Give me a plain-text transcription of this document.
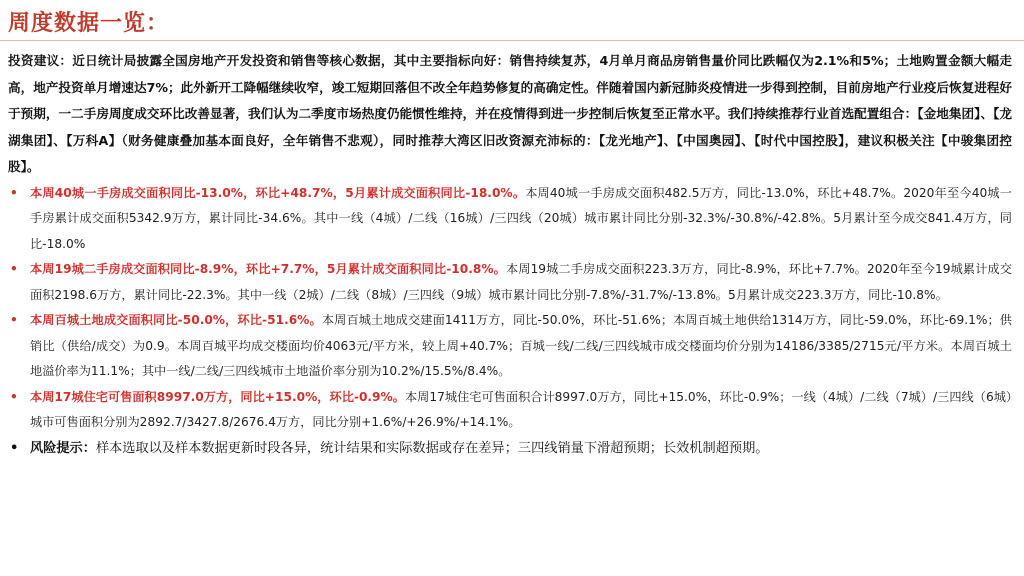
周度数据一览：

投资建议：近日统计局披露全国房地产开发投资和销售等核心数据，其中主要指标向好：销售持续复苏，4月单月商品房销售量价同比跌幅仅为2.1%和5%；土地购置金额大幅走高，地产投资单月增速达7%；此外新开工降幅继续收窄，竣工短期回落但不改全年趋势修复的高确定性。伴随着国内新冠肺炎疫情进一步得到控制，目前房地产行业疫后恢复进程好于预期，一二手房周度成交环比改善显著，我们认为二季度市场热度仍能惯性维持，并在疫情得到进一步控制后恢复至正常水平。我们持续推荐行业首选配置组合：【金地集团】、【龙湖集团】、【万科A】（财务健康叠加基本面良好，全年销售不悲观），同时推荐大湾区旧改资源充沛标的：【龙光地产】、【中国奥园】、【时代中国控股】，建议积极关注【中骏集团控股】。

• 本周40城一手房成交面积同比-13.0%，环比+48.7%，5月累计成交面积同比-18.0%。本周40城一手房成交面积482.5万方，同比-13.0%，环比+48.7%。2020年至今40城一手房累计成交面积5342.9万方，累计同比-34.6%。其中一线（4城）/二线（16城）/三四线（20城）城市累计同比分别-32.3%/-30.8%/-42.8%。5月累计至今成交841.4万方，同比-18.0%

• 本周19城二手房成交面积同比-8.9%，环比+7.7%，5月累计成交面积同比-10.8%。本周19城二手房成交面积223.3万方，同比-8.9%，环比+7.7%。2020年至今19城累计成交面积2198.6万方，累计同比-22.3%。其中一线（2城）/二线（8城）/三四线（9城）城市累计同比分别-7.8%/-31.7%/-13.8%。5月累计成交223.3万方，同比-10.8%。

• 本周百城土地成交面积同比-50.0%，环比-51.6%。本周百城土地成交建面1411万方，同比-50.0%，环比-51.6%；本周百城土地供给1314万方，同比-59.0%，环比-69.1%；供销比（供给/成交）为0.9。本周百城平均成交楼面均价4063元/平方米，较上周+40.7%；百城一线/二线/三四线城市成交楼面均价分别为14186/3385/2715元/平方米。本周百城土地溢价率为11.1%；其中一线/二线/三四线城市土地溢价率分别为10.2%/15.5%/8.4%。

• 本周17城住宅可售面积8997.0万方，同比+15.0%，环比-0.9%。本周17城住宅可售面积合计8997.0万方，同比+15.0%，环比-0.9%；一线（4城）/二线（7城）/三四线（6城）城市可售面积分别为2892.7/3427.8/2676.4万方，同比分别+1.6%/+26.9%/+14.1%。

• 风险提示：样本选取以及样本数据更新时段各异，统计结果和实际数据或存在差异；三四线销量下滑超预期；长效机制超预期。
